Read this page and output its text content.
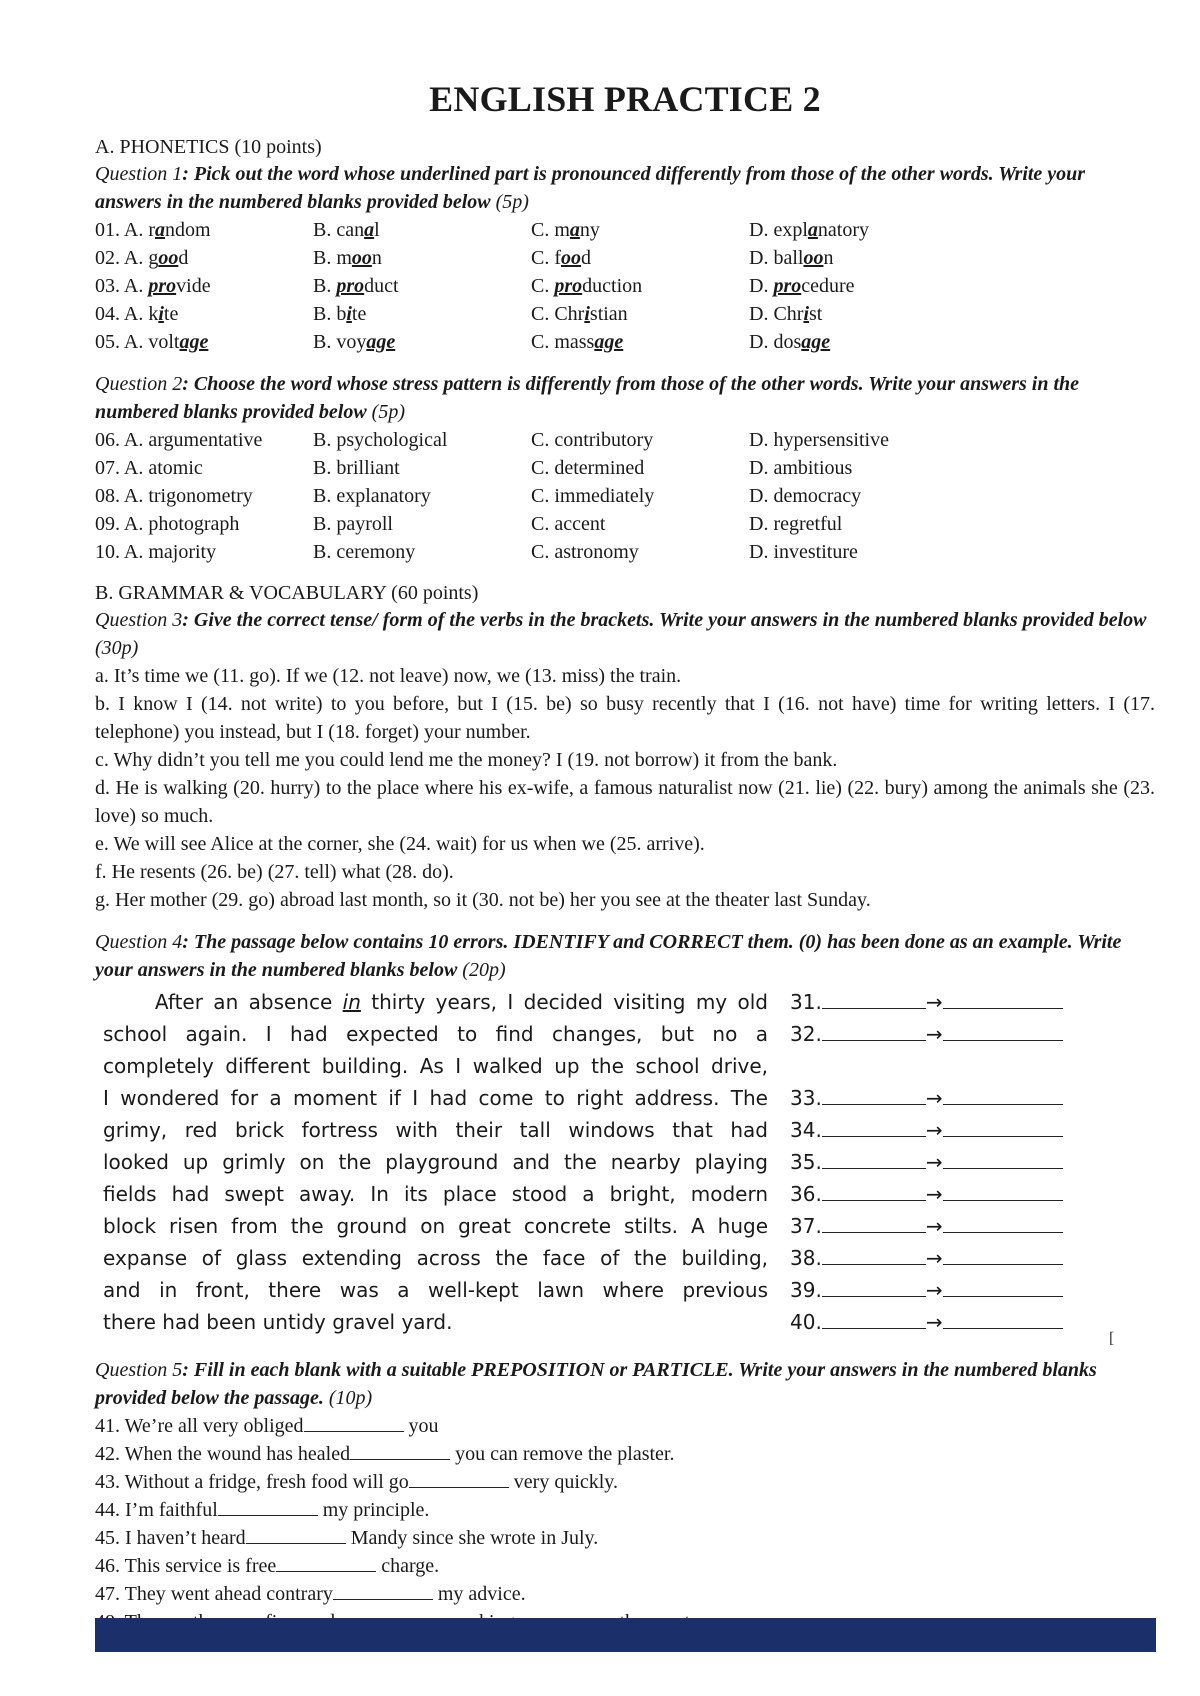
ENGLISH PRACTICE 2

A. PHONETICS (10 points)

Question 1: Pick out the word whose underlined part is pronounced differently from those of the other words. Write your answers in the numbered blanks provided below (5p)

01. A. random	B. canal	C. many	D. explanatory
02. A. good	B. moon	C. food	D. balloon
03. A. provide	B. product	C. production	D. procedure
04. A. kite	B. bite	C. Christian	D. Christ
05. A. voltage	B. voyage	C. massage	D. dosage

Question 2: Choose the word whose stress pattern is differently from those of the other words. Write your answers in the numbered blanks provided below (5p)

06. A. argumentative	B. psychological	C. contributory	D. hypersensitive
07. A. atomic	B. brilliant	C. determined	D. ambitious
08. A. trigonometry	B. explanatory	C. immediately	D. democracy
09. A. photograph	B. payroll	C. accent	D. regretful
10. A. majority	B. ceremony	C. astronomy	D. investiture

B. GRAMMAR & VOCABULARY (60 points)

Question 3: Give the correct tense/ form of the verbs in the brackets. Write your answers in the numbered blanks provided below (30p)

a. It’s time we (11. go). If we (12. not leave) now, we (13. miss) the train.

b. I know I (14. not write) to you before, but I (15. be) so busy recently that I (16. not have) time for writing letters. I (17. telephone) you instead, but I (18. forget) your number.

c. Why didn’t you tell me you could lend me the money? I (19. not borrow) it from the bank.

d. He is walking (20. hurry) to the place where his ex-wife, a famous naturalist now (21. lie) (22. bury) among the animals she (23. love) so much.

e. We will see Alice at the corner, she (24. wait) for us when we (25. arrive).

f. He resents (26. be) (27. tell) what (28. do).

g. Her mother (29. go) abroad last month, so it (30. not be) her you see at the theater last Sunday.

Question 4: The passage below contains 10 errors. IDENTIFY and CORRECT them. (0) has been done as an example. Write your answers in the numbered blanks below (20p)

After an absence in thirty years, I decided visiting my old
school again. I had expected to find changes, but no a
completely different building. As I walked up the school drive,
I wondered for a moment if I had come to right address. The
grimy, red brick fortress with their tall windows that had
looked up grimly on the playground and the nearby playing
fields had swept away. In its place stood a bright, modern
block risen from the ground on great concrete stilts. A huge
expanse of glass extending across the face of the building,
and in front, there was a well-kept lawn where previous
there had been untidy gravel yard.
31.	→
32.	→
33.	→
34.	→
35.	→
36.	→
37.	→
38.	→
39.	→
40.	→

Question 5: Fill in each blank with a suitable PREPOSITION or PARTICLE. Write your answers in the numbered blanks provided below the passage. (10p)

41. We’re all very obliged	you

42. When the wound has healed	you can remove the plaster.

43. Without a fridge, fresh food will go	very quickly.

44. I’m faithful	my principle.

45. I haven’t heard	Mandy since she wrote in July.

46. This service is free	charge.

47. They went ahead contrary	my advice.

[
